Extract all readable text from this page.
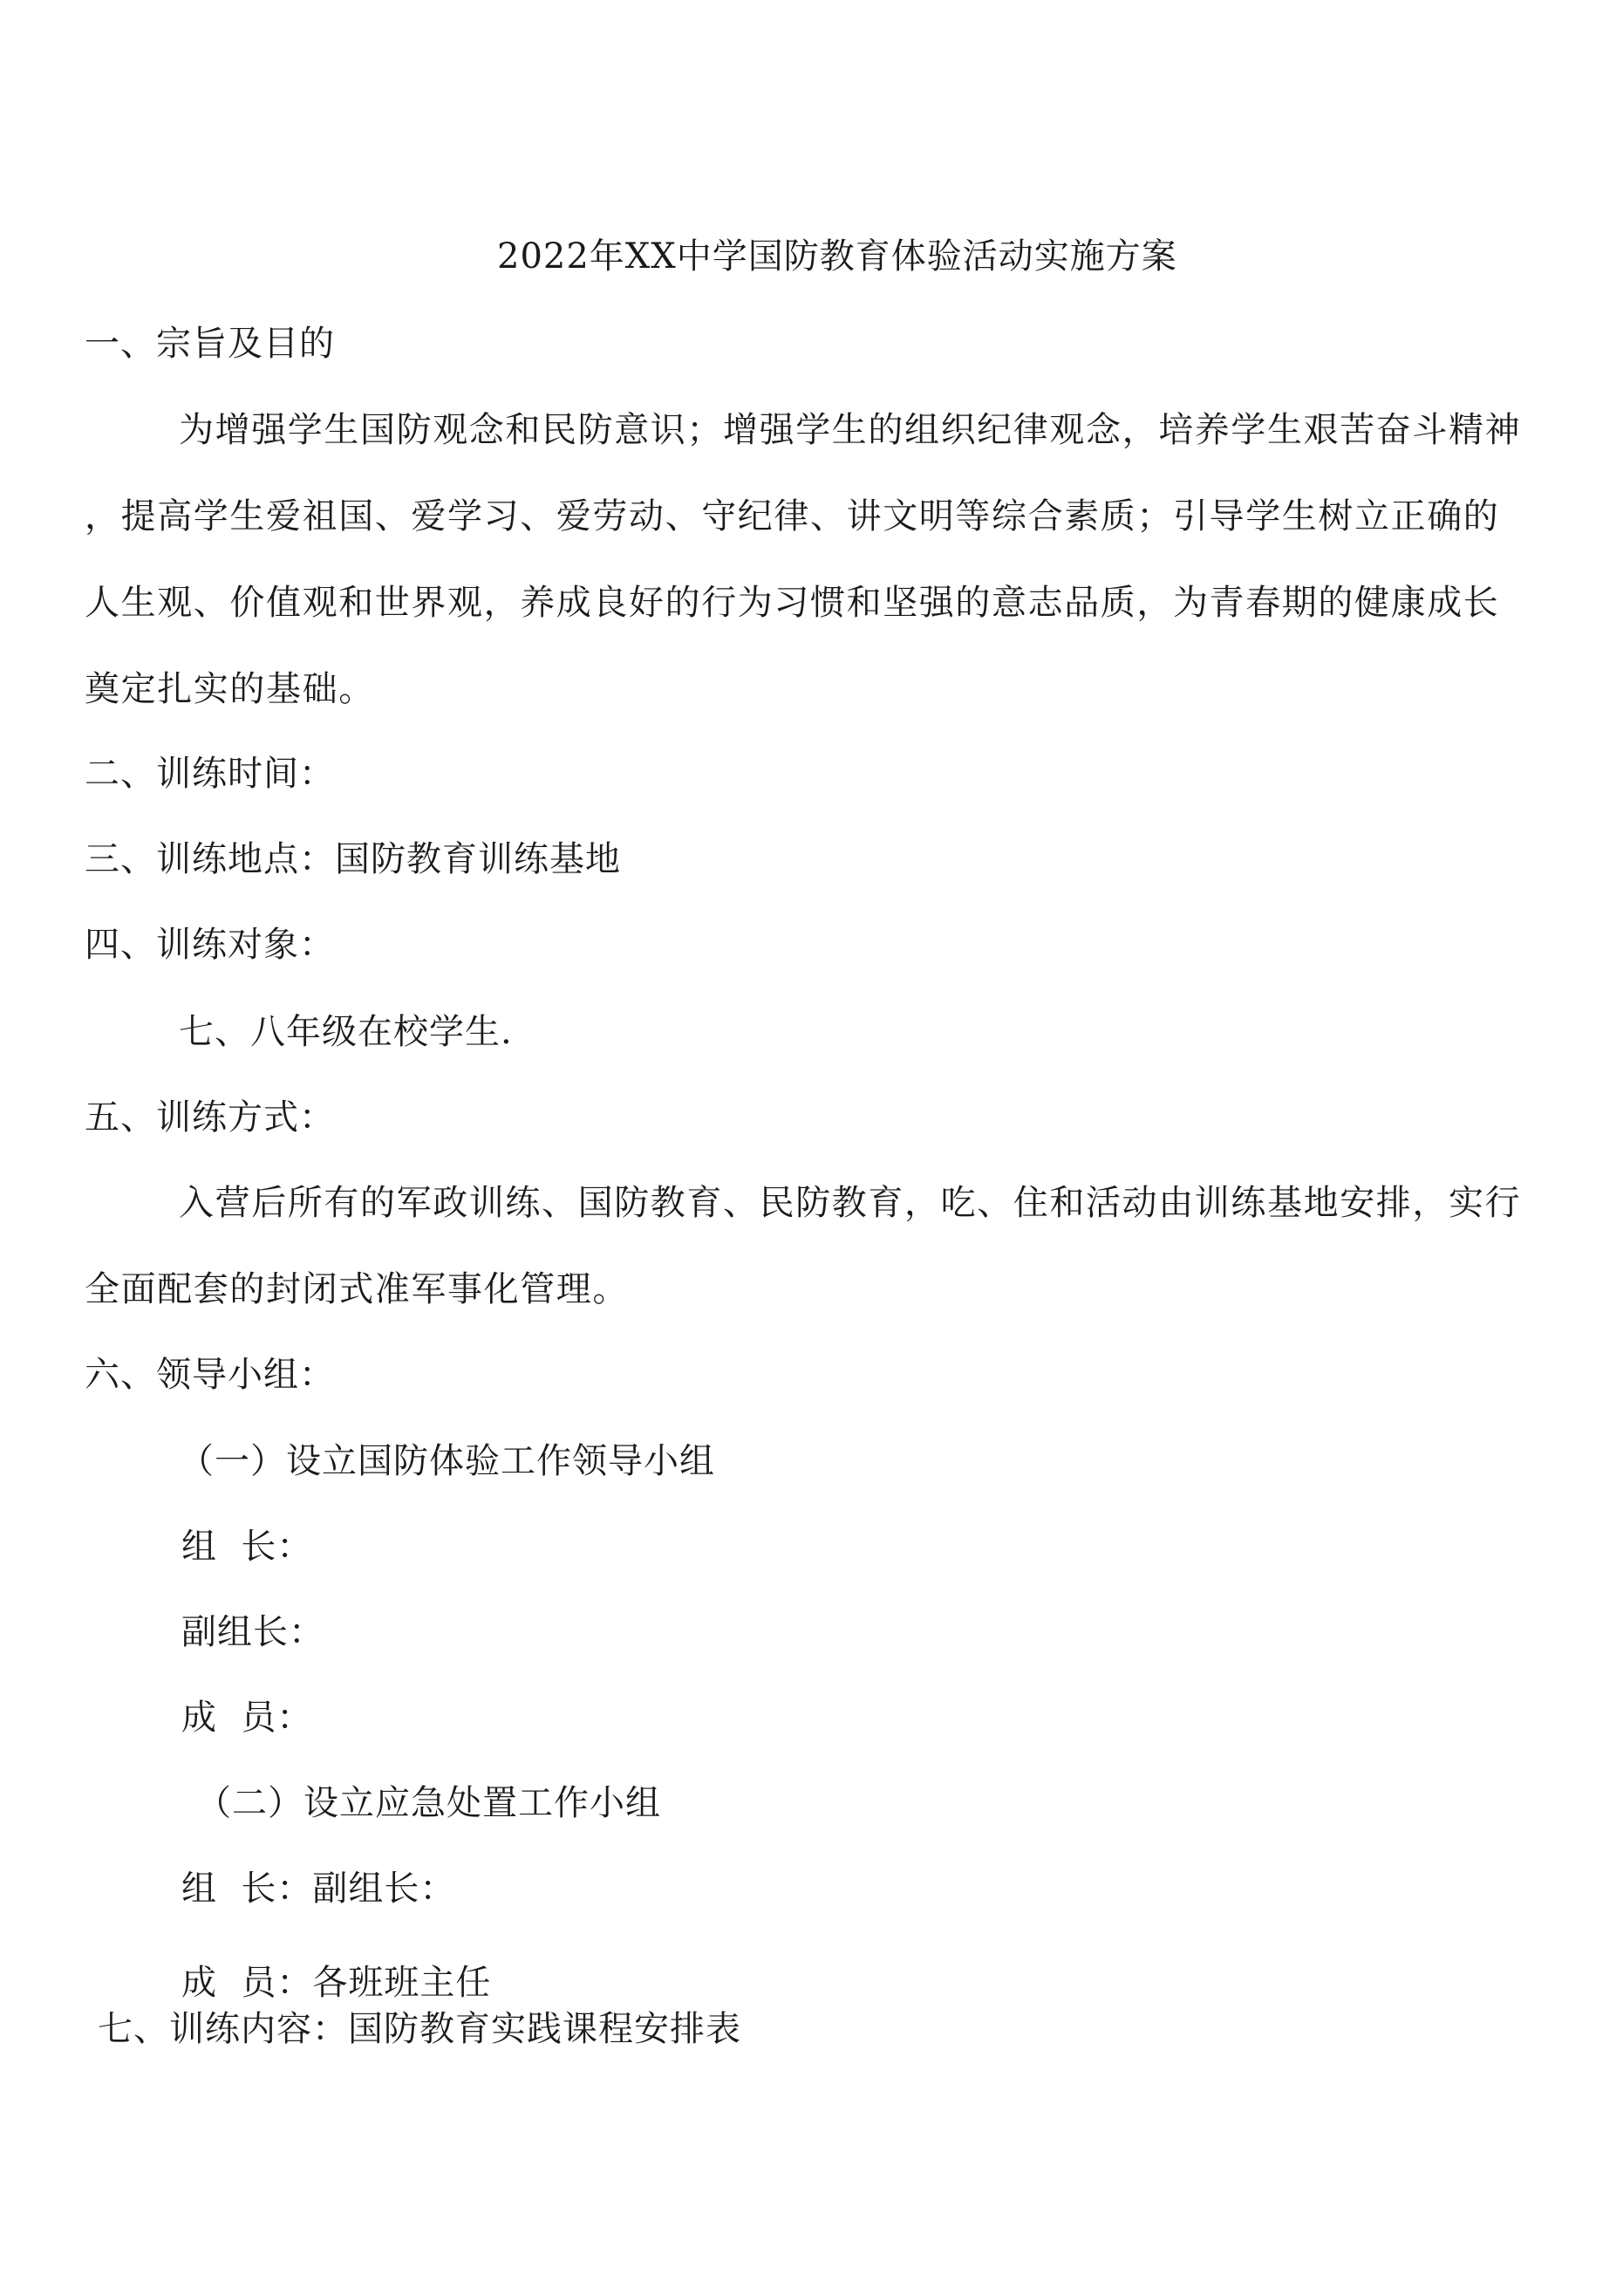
2022年XX中学国防教育体验活动实施方案
一、宗旨及目的
为增强学生国防观念和民防意识；增强学生的组织纪律观念，培养学生艰苦奋斗精神
，提高学生爱祖国、爱学习、爱劳动、守纪律、讲文明等综合素质；引导学生树立正确的
人生观、价值观和世界观，养成良好的行为习惯和坚强的意志品质，为青春期的健康成长
奠定扎实的基础。
二、训练时间：
三、训练地点：国防教育训练基地
四、训练对象：
七、八年级在校学生.
五、训练方式：
入营后所有的军政训练、国防教育、民防教育，吃、住和活动由训练基地安排，实行
全面配套的封闭式准军事化管理。
六、领导小组：
（一）设立国防体验工作领导小组
组  长：
副组长：
成  员：
（二）设立应急处置工作小组
组  长：副组长：
成  员：各班班主任
七、训练内容：国防教育实践课程安排表
